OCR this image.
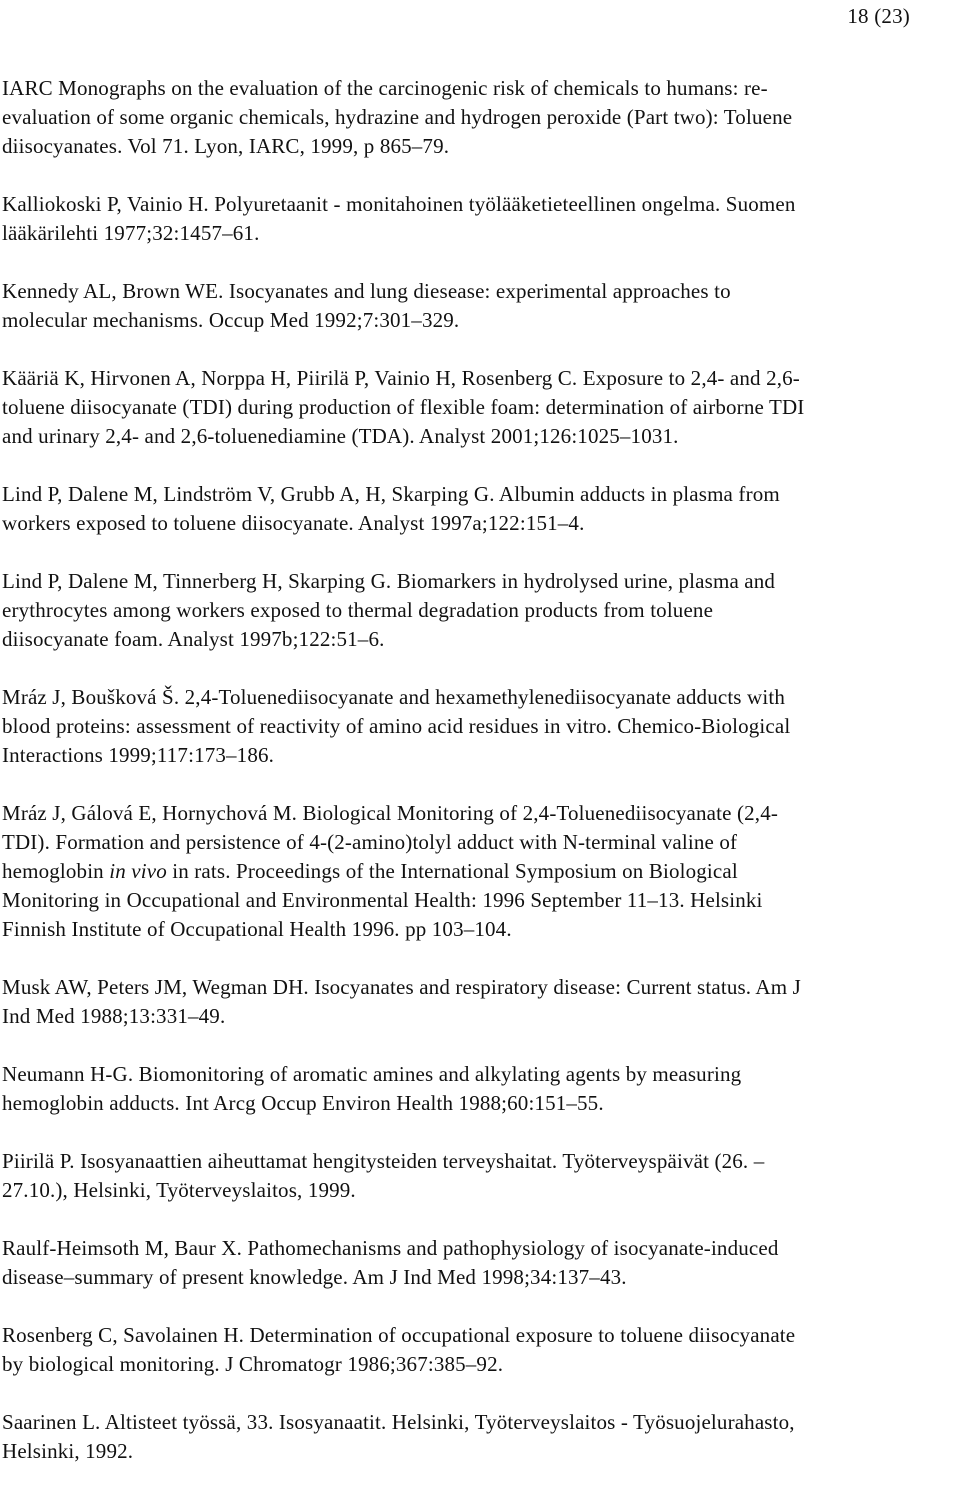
18 (23)

IARC Monographs on the evaluation of the carcinogenic risk of chemicals to humans: re-
evaluation of some organic chemicals, hydrazine and hydrogen peroxide (Part two): Toluene
diisocyanates. Vol 71. Lyon, IARC, 1999, p 865–79.

Kalliokoski P, Vainio H. Polyuretaanit - monitahoinen työlääketieteellinen ongelma. Suomen
lääkärilehti 1977;32:1457–61.

Kennedy AL, Brown WE. Isocyanates and lung diesease: experimental approaches to
molecular mechanisms. Occup Med 1992;7:301–329.

Kääriä K, Hirvonen A, Norppa H, Piirilä P, Vainio H, Rosenberg C. Exposure to 2,4- and 2,6-
toluene diisocyanate (TDI) during production of flexible foam: determination of airborne TDI
and urinary 2,4- and 2,6-toluenediamine (TDA). Analyst 2001;126:1025–1031.

Lind P, Dalene M, Lindström V, Grubb A, H, Skarping G. Albumin adducts in plasma from
workers exposed to toluene diisocyanate. Analyst 1997a;122:151–4.

Lind P, Dalene M, Tinnerberg H, Skarping G. Biomarkers in hydrolysed urine, plasma and
erythrocytes among workers exposed to thermal degradation products from toluene
diisocyanate foam. Analyst 1997b;122:51–6.

Mráz J, Boušková Š. 2,4-Toluenediisocyanate and hexamethylenediisocyanate adducts with
blood proteins: assessment of reactivity of amino acid residues in vitro. Chemico-Biological
Interactions 1999;117:173–186.

Mráz J, Gálová E, Hornychová M. Biological Monitoring of 2,4-Toluenediisocyanate (2,4-
TDI). Formation and persistence of 4-(2-amino)tolyl adduct with N-terminal valine of
hemoglobin in vivo in rats. Proceedings of the International Symposium on Biological
Monitoring in Occupational and Environmental Health: 1996 September 11–13. Helsinki
Finnish Institute of Occupational Health 1996. pp 103–104.

Musk AW, Peters JM, Wegman DH. Isocyanates and respiratory disease: Current status. Am J
Ind Med 1988;13:331–49.

Neumann H-G. Biomonitoring of aromatic amines and alkylating agents by measuring
hemoglobin adducts. Int Arcg Occup Environ Health 1988;60:151–55.

Piirilä P. Isosyanaattien aiheuttamat hengitysteiden terveyshaitat. Työterveyspäivät (26. –
27.10.), Helsinki, Työterveyslaitos, 1999.

Raulf-Heimsoth M, Baur X. Pathomechanisms and pathophysiology of isocyanate-induced
disease–summary of present knowledge. Am J Ind Med 1998;34:137–43.

Rosenberg C, Savolainen H. Determination of occupational exposure to toluene diisocyanate
by biological monitoring. J Chromatogr 1986;367:385–92.

Saarinen L. Altisteet työssä, 33. Isosyanaatit. Helsinki, Työterveyslaitos - Työsuojelurahasto,
Helsinki, 1992.
